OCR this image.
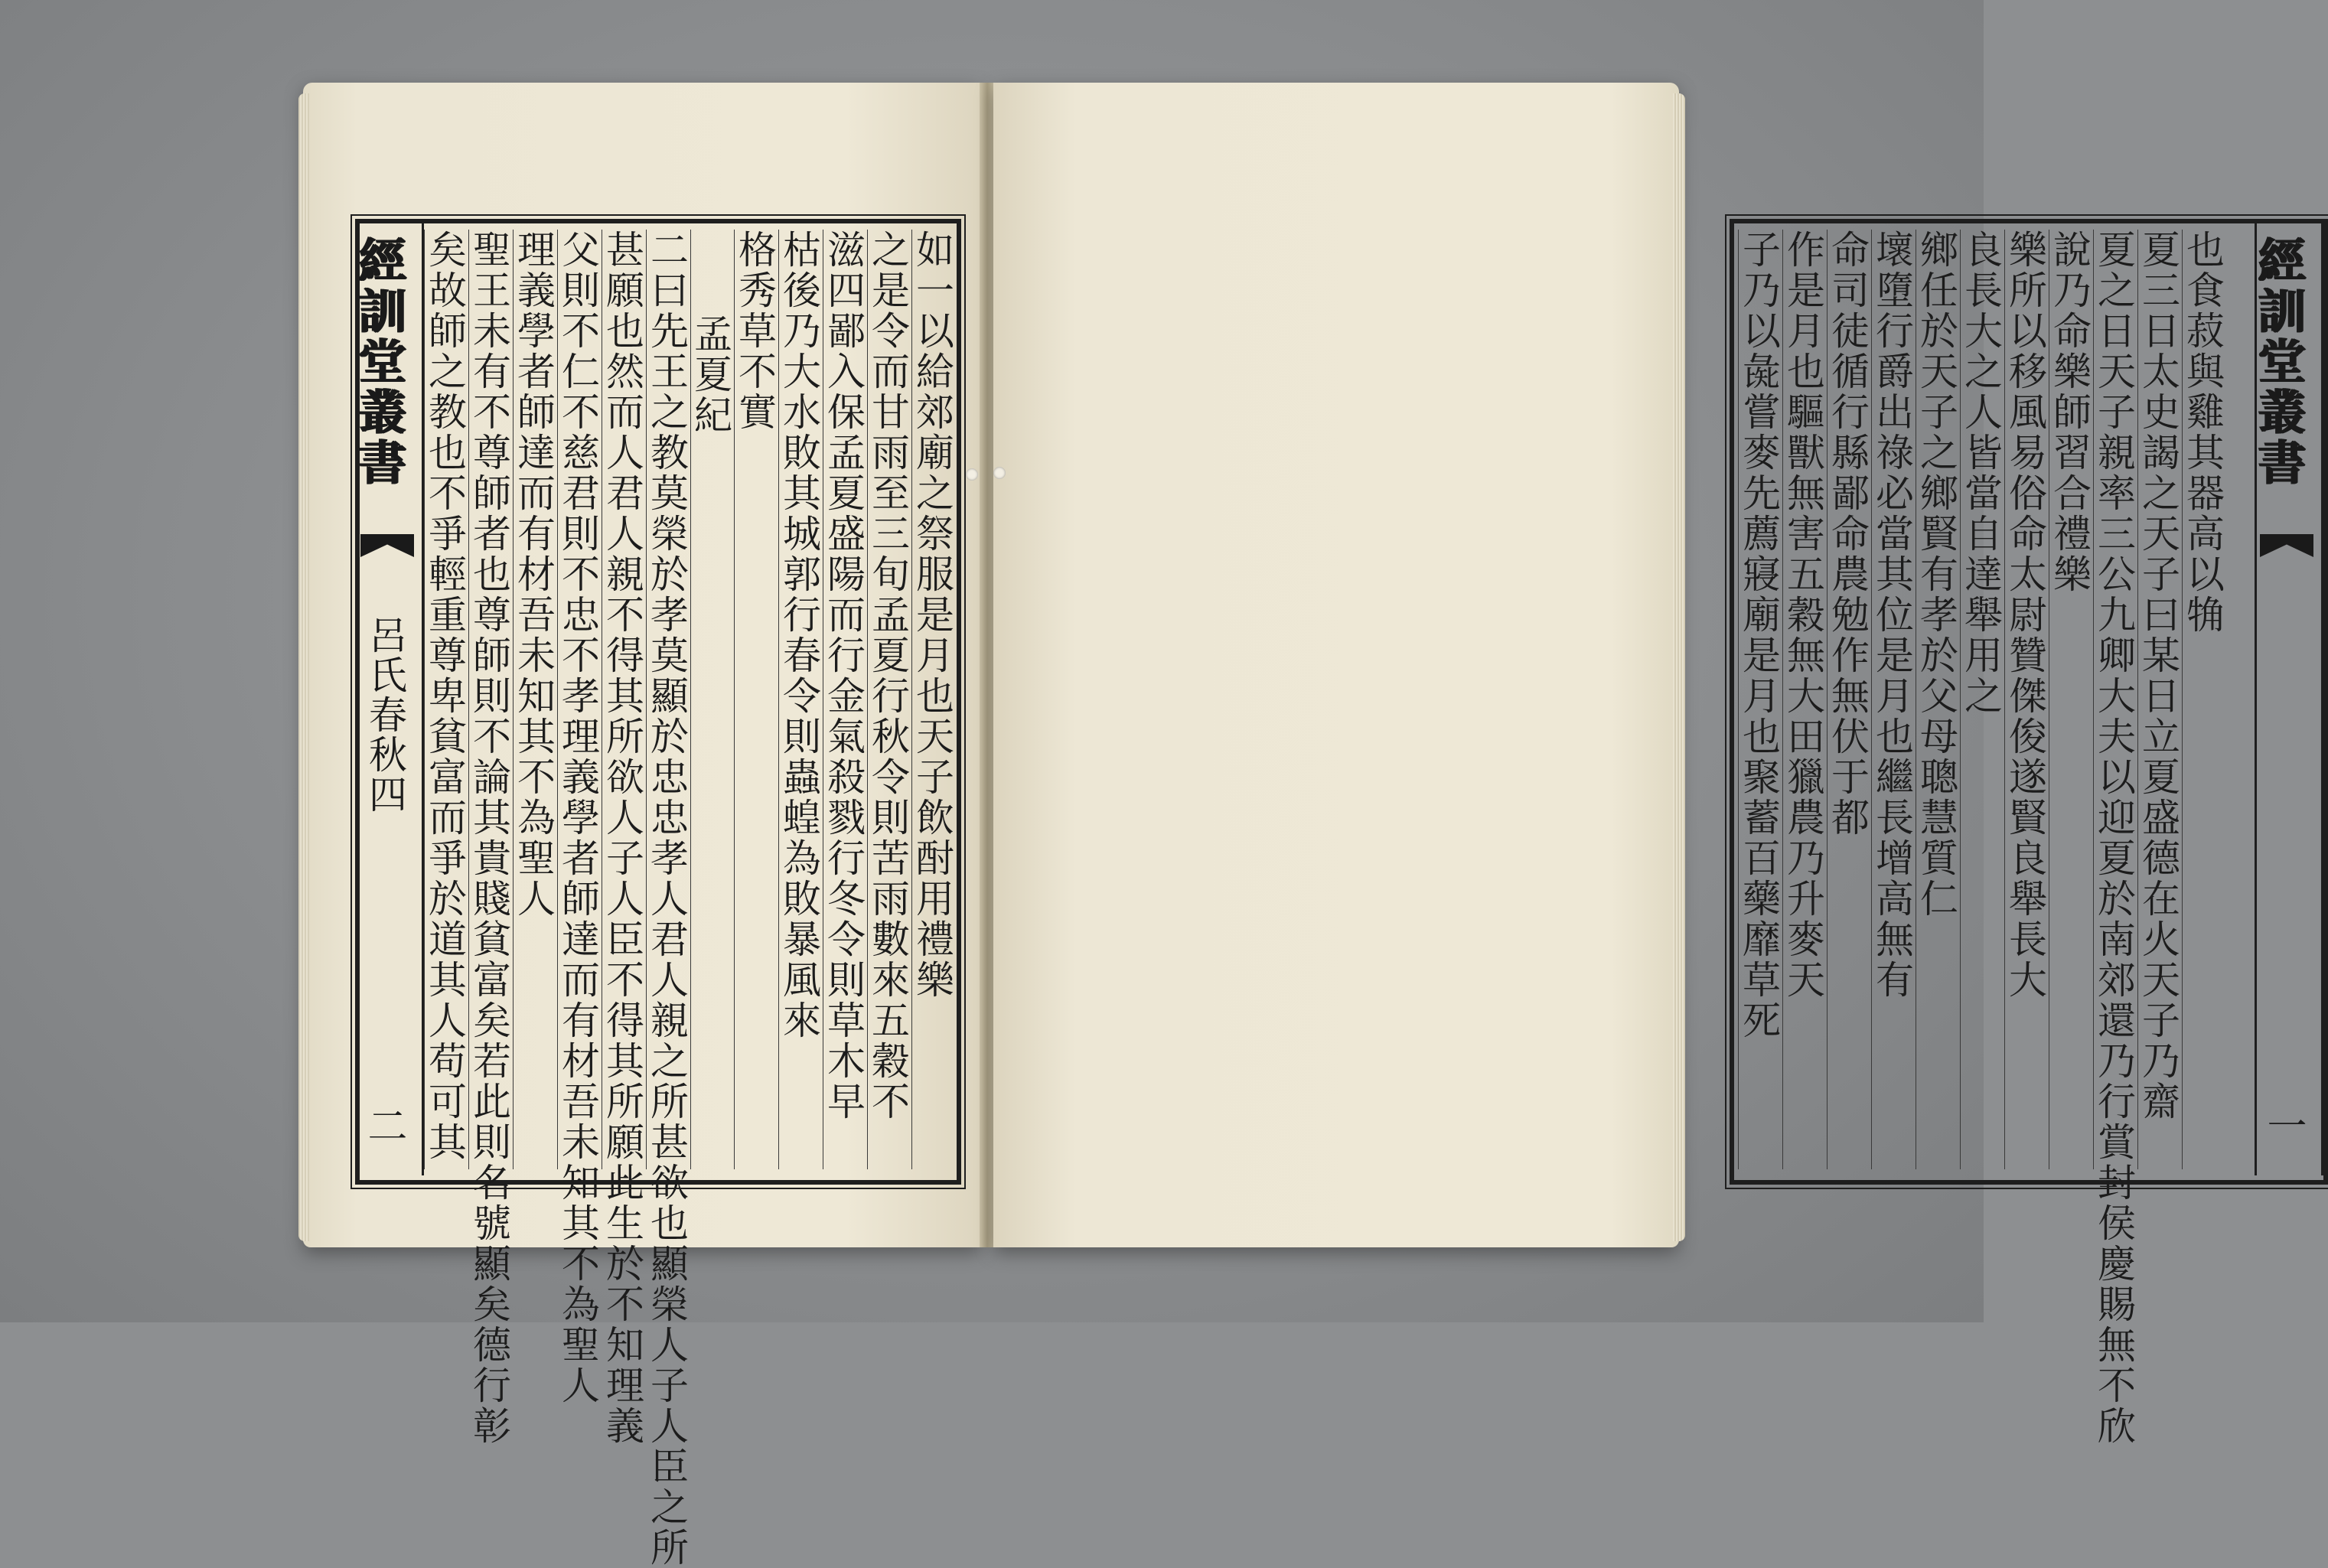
如一以給郊廟之祭服是月也天子飲酎用禮樂
之是令而甘雨至三旬孟夏行秋令則苦雨數來五穀不
滋四鄙入保孟夏盛陽而行金氣殺戮行冬令則草木早
枯後乃大水敗其城郭行春令則蟲蝗為敗暴風來
格秀草不實
孟夏紀
二曰先王之教莫榮於孝莫顯於忠忠孝人君人親之所甚欲也顯榮人子人臣之所
甚願也然而人君人親不得其所欲人子人臣不得其所願此生於不知理義
父則不仁不慈君則不忠不孝理義學者師達而有材吾未知其不為聖人
理義學者師達而有材吾未知其不為聖人
聖王未有不尊師者也尊師則不論其貴賤貧富矣若此則名號顯矣德行彰
矣故師之教也不爭輕重尊卑貧富而爭於道其人苟可其
經訓堂叢書
呂氏春秋四
二
也食菽與雞其器高以觕
夏三日太史謁之天子曰某日立夏盛德在火天子乃齋
夏之日天子親率三公九卿大夫以迎夏於南郊還乃行賞封侯慶賜無不欣
說乃命樂師習合禮樂
樂所以移風易俗命太尉贊傑俊遂賢良舉長大
良長大之人皆當自達舉用之
鄉任於天子之鄉賢有孝於父母聰慧質仁
壞墮行爵出祿必當其位是月也繼長增高無有
命司徒循行縣鄙命農勉作無伏于都
作是月也驅獸無害五穀無大田獵農乃升麥天
子乃以彘嘗麥先薦寢廟是月也聚蓄百藥靡草死	經訓堂叢書
一
